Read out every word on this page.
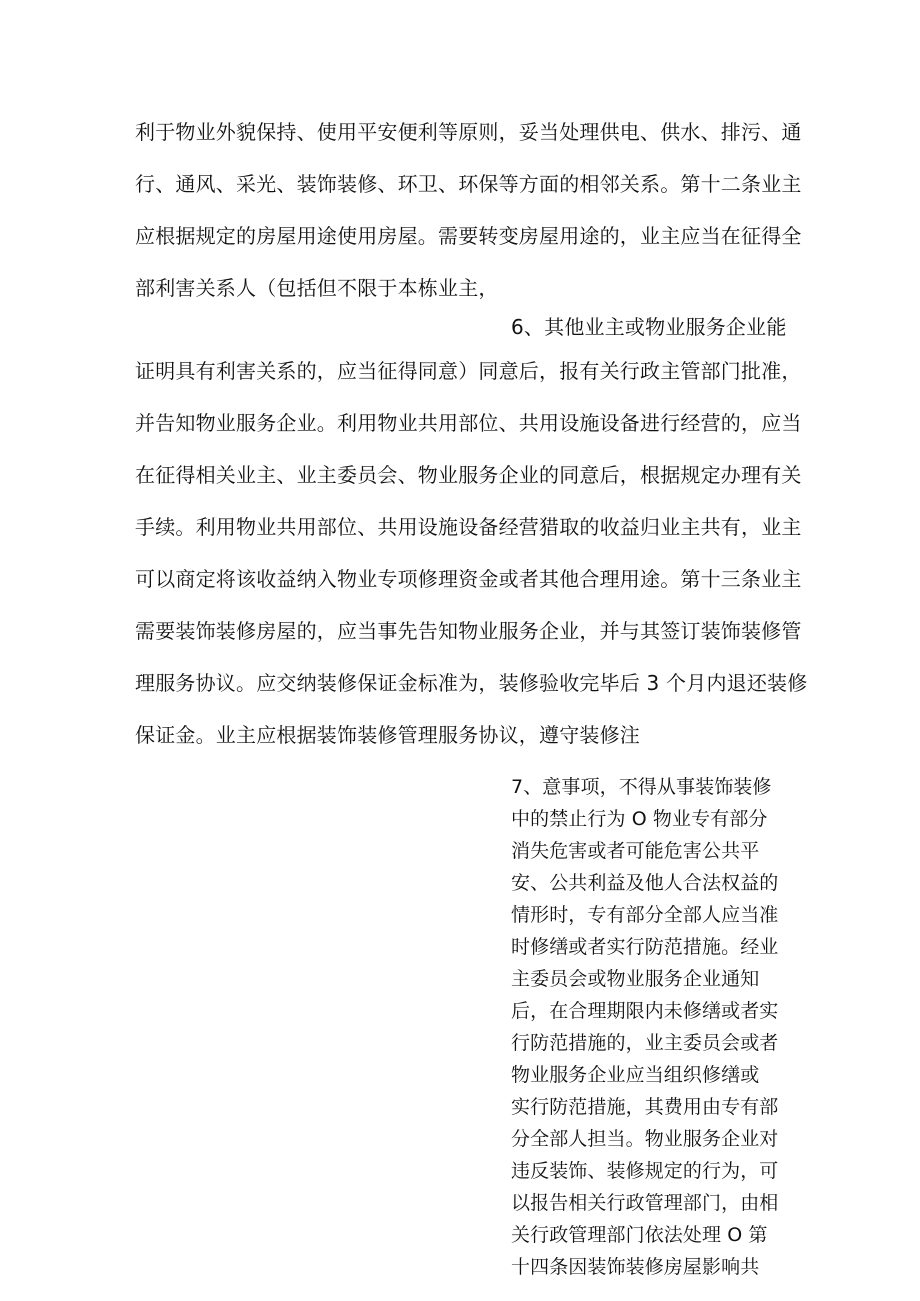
利于物业外貌保持、使用平安便利等原则，妥当处理供电、供水、排污、通
行、通风、采光、装饰装修、环卫、环保等方面的相邻关系。第十二条业主
应根据规定的房屋用途使用房屋。需要转变房屋用途的，业主应当在征得全
部利害关系人（包括但不限于本栋业主，
6、其他业主或物业服务企业能
证明具有利害关系的，应当征得同意）同意后，报有关行政主管部门批准，
并告知物业服务企业。利用物业共用部位、共用设施设备进行经营的，应当
在征得相关业主、业主委员会、物业服务企业的同意后，根据规定办理有关
手续。利用物业共用部位、共用设施设备经营猎取的收益归业主共有，业主
可以商定将该收益纳入物业专项修理资金或者其他合理用途。第十三条业主
需要装饰装修房屋的，应当事先告知物业服务企业，并与其签订装饰装修管
理服务协议。应交纳装修保证金标准为，装修验收完毕后 3 个月内退还装修
保证金。业主应根据装饰装修管理服务协议，遵守装修注
7、意事项，不得从事装饰装修
中的禁止行为 O 物业专有部分
消失危害或者可能危害公共平
安、公共利益及他人合法权益的
情形时，专有部分全部人应当准
时修缮或者实行防范措施。经业
主委员会或物业服务企业通知
后，在合理期限内未修缮或者实
行防范措施的，业主委员会或者
物业服务企业应当组织修缮或
实行防范措施，其费用由专有部
分全部人担当。物业服务企业对
违反装饰、装修规定的行为，可
以报告相关行政管理部门，由相
关行政管理部门依法处理 O 第
十四条因装饰装修房屋影响共
